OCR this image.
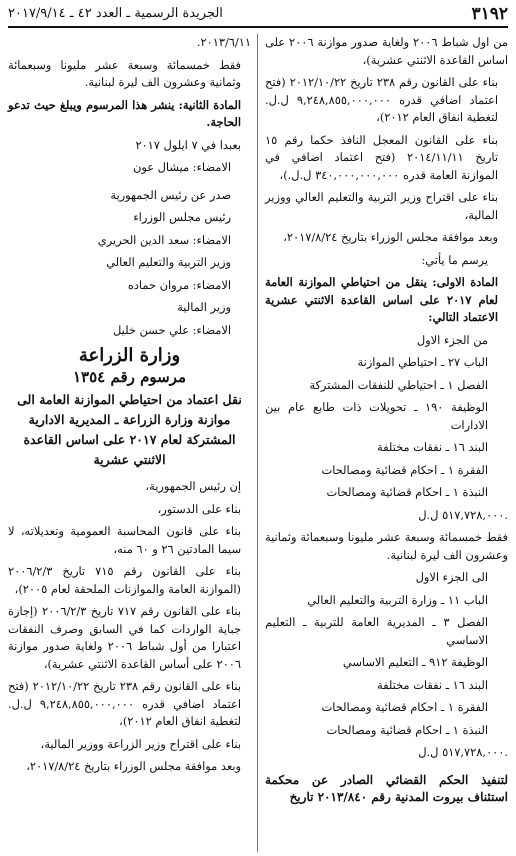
٣١٩٢
الجريدة الرسمية ـ العدد ٤٢ ـ ٢٠١٧/٩/١٤

من اول شباط ٢٠٠٦ ولغاية صدور موازنة ٢٠٠٦ على اساس القاعدة الاثنتي عشرية)،

بناء على القانون رقم ٢٣٨ تاريخ ٢٠١٢/١٠/٢٢ (فتح اعتماد اضافي قدره ٩,٢٤٨,٨٥٥,٠٠٠,٠٠٠ ل.ل. لتغطية انفاق العام ٢٠١٢)،

بناء على القانون المعجل النافذ حكما رقم ١٥ تاريخ ٢٠١٤/١١/١١ (فتح اعتماد اضافي في الموازنة العامة قدره ٣٤٠,٠٠٠,٠٠٠,٠٠٠ ل.ل.)،

بناء على اقتراح وزير التربية والتعليم العالي ووزير المالية،

وبعد موافقة مجلس الوزراء بتاريخ ٢٠١٧/٨/٢٤،

يرسم ما يأتي:

المادة الاولى: ينقل من احتياطي الموازنة العامة لعام ٢٠١٧ على اساس القاعدة الاثنتي عشرية الاعتماد التالي:

من الجزء الاول

الباب ٢٧ ـ احتياطي الموازنة

الفصل ١ ـ احتياطي للنفقات المشتركة

الوظيفة ١٩٠ ـ تحويلات ذات طابع عام بين الادارات

البند ١٦ ـ نفقات مختلفة

الفقرة ١ ـ احكام قضائية ومصالحات

النبذة ١ ـ احكام قضائية ومصالحات

٥١٧,٧٢٨,٠٠٠ ل.ل.

فقط خمسمائة وسبعة عشر مليونا وسبعمائة وثمانية وعشرون الف ليرة لبنانية.

الى الجزء الاول

الباب ١١ ـ وزارة التربية والتعليم العالي

الفصل ٣ ـ المديرية العامة للتربية ـ التعليم الاساسي

الوظيفة ٩١٢ ـ التعليم الاساسي

البند ١٦ ـ نفقات مختلفة

الفقرة ١ ـ احكام قضائية ومصالحات

النبذة ١ ـ احكام قضائية ومصالحات

٥١٧,٧٢٨,٠٠٠ ل.ل.

لتنفيذ الحكم القضائي الصادر عن محكمة استئناف بيروت المدنية رقم ٢٠١٣/٨٤٠ تاريخ

٢٠١٣/٦/١١.

فقط خمسمائة وسبعة عشر مليونا وسبعمائة وثمانية وعشرون الف ليرة لبنانية.

المادة الثانية: ينشر هذا المرسوم ويبلغ حيث تدعو الحاجة.

بعبدا في ٧ ايلول ٢٠١٧

الامضاء: ميشال عون

صدر عن رئيس الجمهورية

رئيس مجلس الوزراء

الامضاء: سعد الدين الحريري

وزير التربية والتعليم العالي

الامضاء: مروان حماده

وزير المالية

الامضاء: علي حسن خليل

وزارة الزراعة
مرسوم رقم ١٣٥٤
نقل اعتماد من احتياطي الموازنة العامة الى موازنة وزارة الزراعة ـ المديرية الادارية المشتركة لعام ٢٠١٧ على اساس القاعدة الاثنتي عشرية

إن رئيس الجمهورية،

بناء على الدستور،

بناء على قانون المحاسبة العمومية وتعديلاته، لا سيما المادتين ٢٦ و ٦٠ منه،

بناء على القانون رقم ٧١٥ تاريخ ٢٠٠٦/٢/٣ (الموازنة العامة والموازنات الملحقة لعام ٢٠٠٥)،

بناء على القانون رقم ٧١٧ تاريخ ٢٠٠٦/٢/٣ (إجازة جباية الواردات كما في السابق وصرف النفقات اعتبارا من أول شباط ٢٠٠٦ ولغاية صدور موازنة ٢٠٠٦ على أساس القاعدة الاثنتي عشرية)،

بناء على القانون رقم ٢٣٨ تاريخ ٢٠١٢/١٠/٢٢ (فتح اعتماد اضافي قدره ٩,٢٤٨,٨٥٥,٠٠٠,٠٠٠ ل.ل. لتغطية انفاق العام ٢٠١٢)،

بناء على اقتراح وزير الزراعة ووزير المالية،

وبعد موافقة مجلس الوزراء بتاريخ ٢٠١٧/٨/٢٤،
